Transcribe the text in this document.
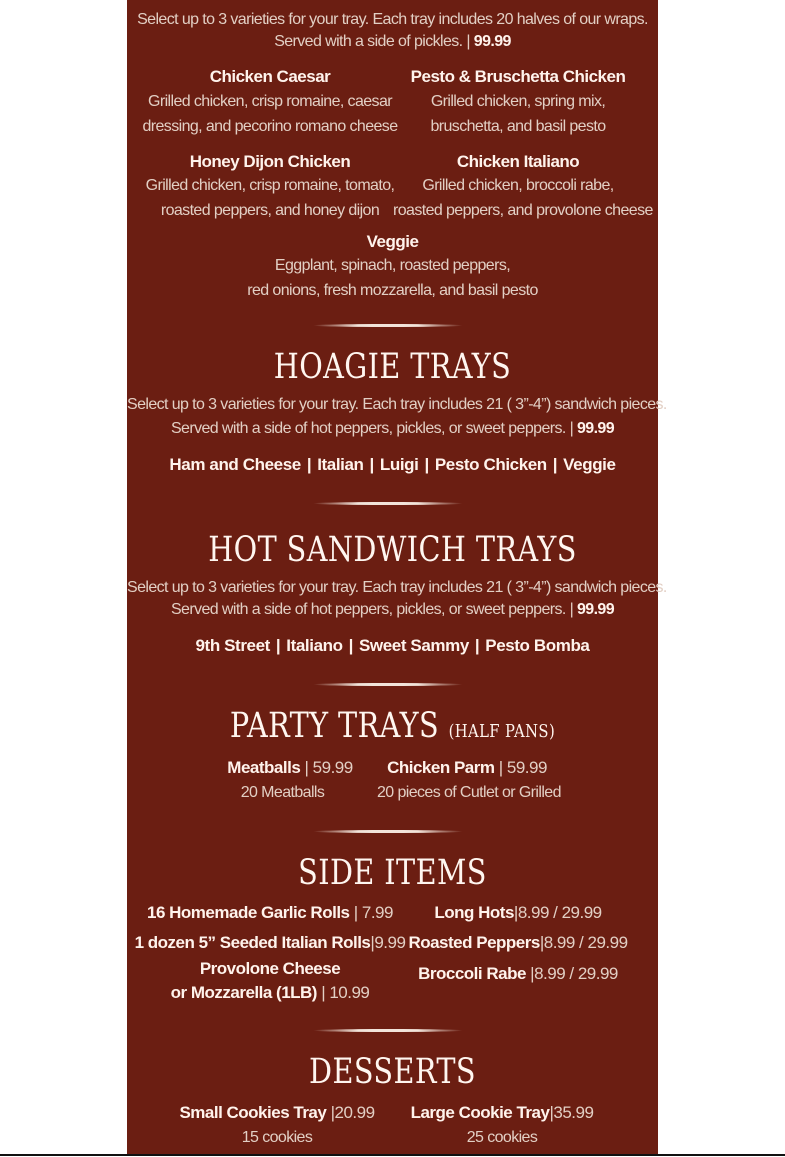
Select up to 3 varieties for your tray. Each tray includes 20 halves of our wraps.
Served with a side of pickles. | 99.99
Chicken Caesar
Grilled chicken, crisp romaine, caesar
dressing, and pecorino romano cheese
Pesto & Bruschetta Chicken
Grilled chicken, spring mix,
bruschetta, and basil pesto
Honey Dijon Chicken
Grilled chicken, crisp romaine, tomato,
roasted peppers, and honey dijon
Chicken Italiano
Grilled chicken, broccoli rabe,
roasted peppers, and provolone cheese
Veggie
Eggplant, spinach, roasted peppers,
red onions, fresh mozzarella, and basil pesto
HOAGIE TRAYS
Select up to 3 varieties for your tray. Each tray includes 21 ( 3”-4”) sandwich pieces.
Served with a side of hot peppers, pickles, or sweet peppers. | 99.99
Ham and Cheese | Italian | Luigi | Pesto Chicken | Veggie
HOT SANDWICH TRAYS
Select up to 3 varieties for your tray. Each tray includes 21 ( 3”-4”) sandwich pieces.
Served with a side of hot peppers, pickles, or sweet peppers. | 99.99
9th Street | Italiano | Sweet Sammy | Pesto Bomba
PARTY TRAYS (HALF PANS)
Meatballs | 59.99
20 Meatballs
Chicken Parm | 59.99
20 pieces of Cutlet or Grilled
SIDE ITEMS
16 Homemade Garlic Rolls | 7.99
1 dozen 5” Seeded Italian Rolls|9.99
Provolone Cheese
or Mozzarella (1LB) | 10.99
Long Hots|8.99 / 29.99
Roasted Peppers|8.99 / 29.99
Broccoli Rabe |8.99 / 29.99
DESSERTS
Small Cookies Tray |20.99
15 cookies
Large Cookie Tray|35.99
25 cookies
